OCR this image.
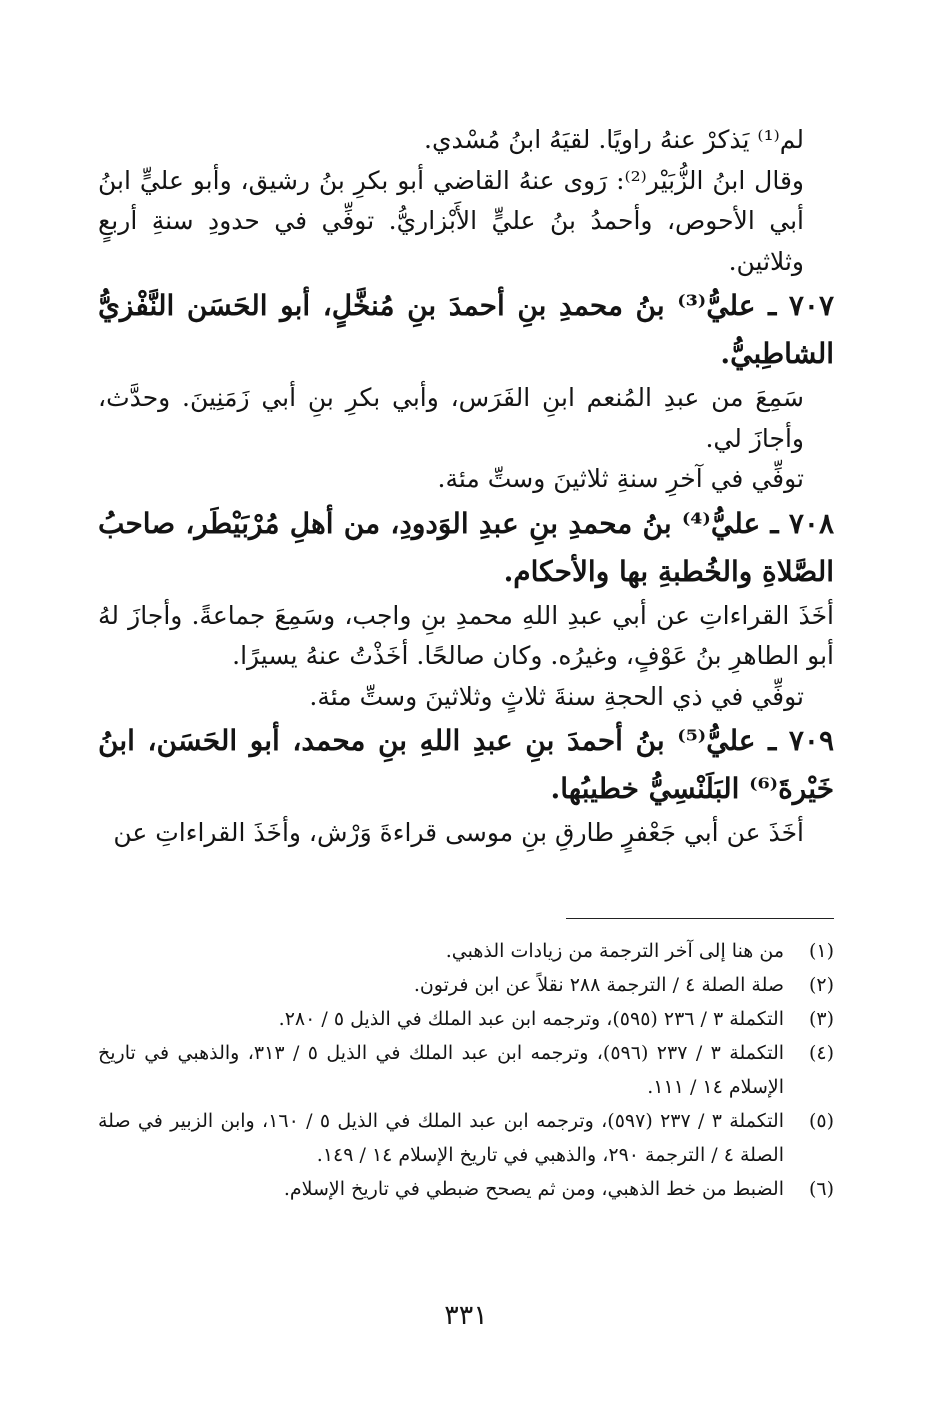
لم⁽¹⁾ يَذكرْ عنهُ راويًا. لقيَهُ ابنُ مُسْدي.

وقال ابنُ الزُّبَيْر⁽²⁾: رَوى عنهُ القاضي أبو بكرِ بنُ رشيق، وأبو عليٍّ ابنُ أبي الأحوص، وأحمدُ بنُ عليٍّ الأَبْزاريُّ. توفِّي في حدودِ سنةِ أربعٍ وثلاثين.

٧٠٧ ـ عليُّ⁽³⁾ بنُ محمدِ بنِ أحمدَ بنِ مُنخَّلٍ، أبو الحَسَن النَّفْزيُّ الشاطِبيُّ.

سَمِعَ من عبدِ المُنعم ابنِ الفَرَس، وأبي بكرِ بنِ أبي زَمَنِينَ. وحدَّث، وأجازَ لي.

توفِّي في آخرِ سنةِ ثلاثينَ وستِّ مئة.

٧٠٨ ـ عليُّ⁽⁴⁾ بنُ محمدِ بنِ عبدِ الوَدودِ، من أهلِ مُرْبَيْطَر، صاحبُ الصَّلاةِ والخُطبةِ بها والأحكام.

أخَذَ القراءاتِ عن أبي عبدِ اللهِ محمدِ بنِ واجب، وسَمِعَ جماعةً. وأجازَ لهُ أبو الطاهرِ بنُ عَوْفٍ، وغيرُه. وكان صالحًا. أخَذْتُ عنهُ يسيرًا.

توفِّي في ذي الحجةِ سنةَ ثلاثٍ وثلاثينَ وستِّ مئة.

٧٠٩ ـ عليُّ⁽⁵⁾ بنُ أحمدَ بنِ عبدِ اللهِ بنِ محمد، أبو الحَسَن، ابنُ خَيْرةَ⁽⁶⁾ البَلَنْسِيُّ خطيبُها.

أخَذَ عن أبي جَعْفرٍ طارقِ بنِ موسى قراءةَ وَرْش، وأخَذَ القراءاتِ عن

(١)
من هنا إلى آخر الترجمة من زيادات الذهبي.

(٢)
صلة الصلة ٤ / الترجمة ٢٨٨ نقلاً عن ابن فرتون.

(٣)
التكملة ٣ / ٢٣٦ (٥٩٥)، وترجمه ابن عبد الملك في الذيل ٥ / ٢٨٠.

(٤)
التكملة ٣ / ٢٣٧ (٥٩٦)، وترجمه ابن عبد الملك في الذيل ٥ / ٣١٣، والذهبي في تاريخ الإسلام ١٤ / ١١١.

(٥)
التكملة ٣ / ٢٣٧ (٥٩٧)، وترجمه ابن عبد الملك في الذيل ٥ / ١٦٠، وابن الزبير في صلة الصلة ٤ / الترجمة ٢٩٠، والذهبي في تاريخ الإسلام ١٤ / ١٤٩.

(٦)
الضبط من خط الذهبي، ومن ثم يصحح ضبطي في تاريخ الإسلام.

٣٣١
